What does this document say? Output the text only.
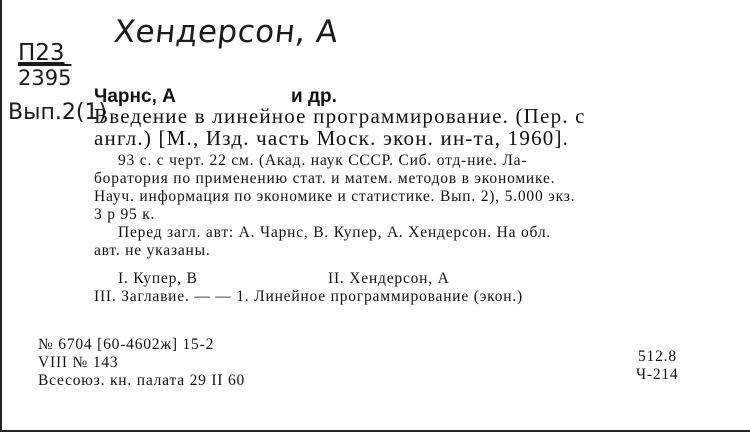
Хендерсон, А
П23
2395
Вып.2(1)
Чарнс, А	и др.
Введение в линейное программирование. (Пер. с
англ.) [М., Изд. часть Моск. экон. ин-та, 1960].
93 с. с черт. 22 см. (Акад. наук СССР. Сиб. отд-ние. Ла-
боратория по применению стат. и матем. методов в экономике.
Науч. информация по экономике и статистике. Вып. 2), 5.000 экз.
3 р 95 к.
Перед загл. авт: А. Чарнс, В. Купер, А. Хендерсон. На обл.
авт. не указаны.
I. Купер, В	II. Хендерсон, А
III. Заглавие. — — 1. Линейное программирование (экон.)
№ 6704 [60-4602ж] 15-2
VIII № 143
Всесоюз. кн. палата 29 II 60
512.8
Ч-214
